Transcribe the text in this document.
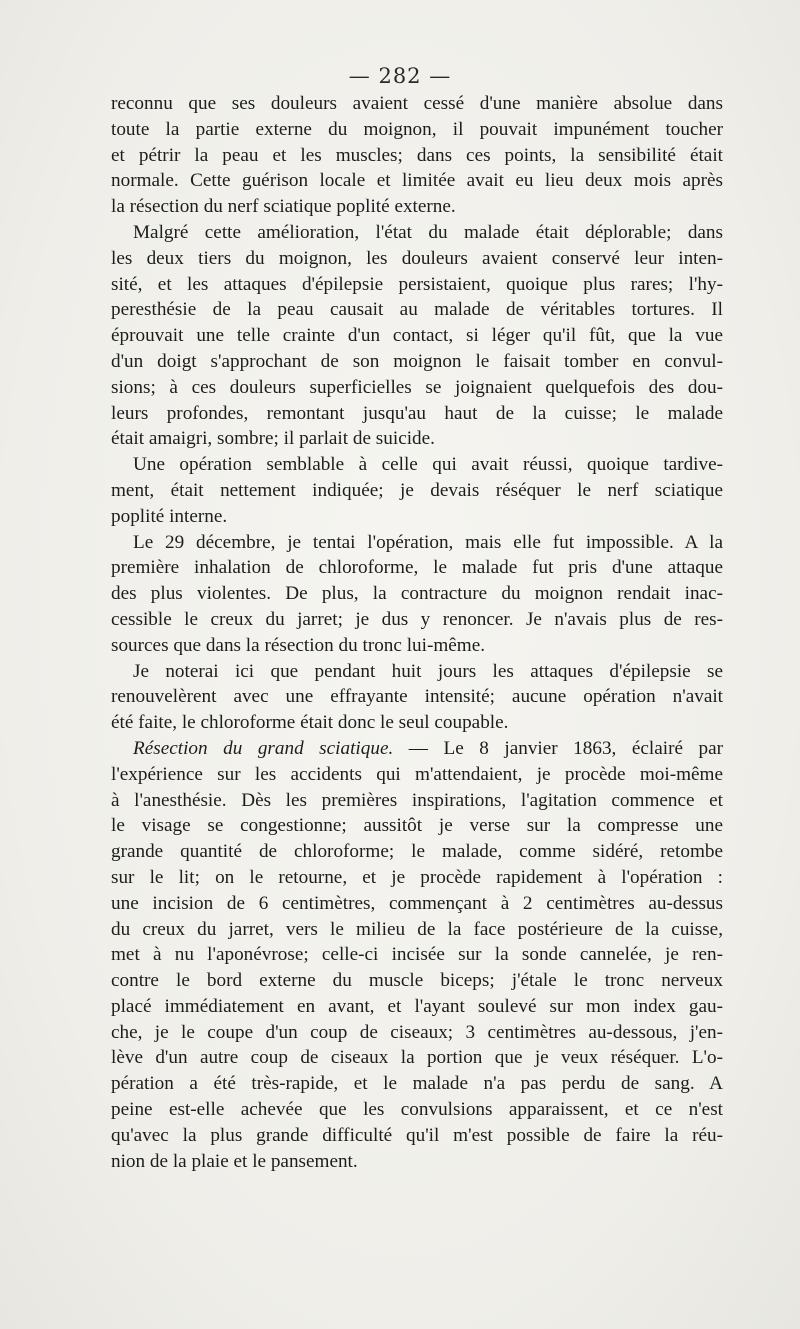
— 282 —
reconnu que ses douleurs avaient cessé d'une manière absolue dans
toute la partie externe du moignon, il pouvait impunément toucher
et pétrir la peau et les muscles; dans ces points, la sensibilité était
normale. Cette guérison locale et limitée avait eu lieu deux mois après
la résection du nerf sciatique poplité externe.
Malgré cette amélioration, l'état du malade était déplorable; dans
les deux tiers du moignon, les douleurs avaient conservé leur inten-
sité, et les attaques d'épilepsie persistaient, quoique plus rares; l'hy-
peresthésie de la peau causait au malade de véritables tortures. Il
éprouvait une telle crainte d'un contact, si léger qu'il fût, que la vue
d'un doigt s'approchant de son moignon le faisait tomber en convul-
sions; à ces douleurs superficielles se joignaient quelquefois des dou-
leurs profondes, remontant jusqu'au haut de la cuisse; le malade
était amaigri, sombre; il parlait de suicide.
Une opération semblable à celle qui avait réussi, quoique tardive-
ment, était nettement indiquée; je devais réséquer le nerf sciatique
poplité interne.
Le 29 décembre, je tentai l'opération, mais elle fut impossible. A la
première inhalation de chloroforme, le malade fut pris d'une attaque
des plus violentes. De plus, la contracture du moignon rendait inac-
cessible le creux du jarret; je dus y renoncer. Je n'avais plus de res-
sources que dans la résection du tronc lui-même.
Je noterai ici que pendant huit jours les attaques d'épilepsie se
renouvelèrent avec une effrayante intensité; aucune opération n'avait
été faite, le chloroforme était donc le seul coupable.
Résection du grand sciatique. — Le 8 janvier 1863, éclairé par
l'expérience sur les accidents qui m'attendaient, je procède moi-même
à l'anesthésie. Dès les premières inspirations, l'agitation commence et
le visage se congestionne; aussitôt je verse sur la compresse une
grande quantité de chloroforme; le malade, comme sidéré, retombe
sur le lit; on le retourne, et je procède rapidement à l'opération :
une incision de 6 centimètres, commençant à 2 centimètres au-dessus
du creux du jarret, vers le milieu de la face postérieure de la cuisse,
met à nu l'aponévrose; celle-ci incisée sur la sonde cannelée, je ren-
contre le bord externe du muscle biceps; j'étale le tronc nerveux
placé immédiatement en avant, et l'ayant soulevé sur mon index gau-
che, je le coupe d'un coup de ciseaux; 3 centimètres au-dessous, j'en-
lève d'un autre coup de ciseaux la portion que je veux réséquer. L'o-
pération a été très-rapide, et le malade n'a pas perdu de sang. A
peine est-elle achevée que les convulsions apparaissent, et ce n'est
qu'avec la plus grande difficulté qu'il m'est possible de faire la réu-
nion de la plaie et le pansement.
